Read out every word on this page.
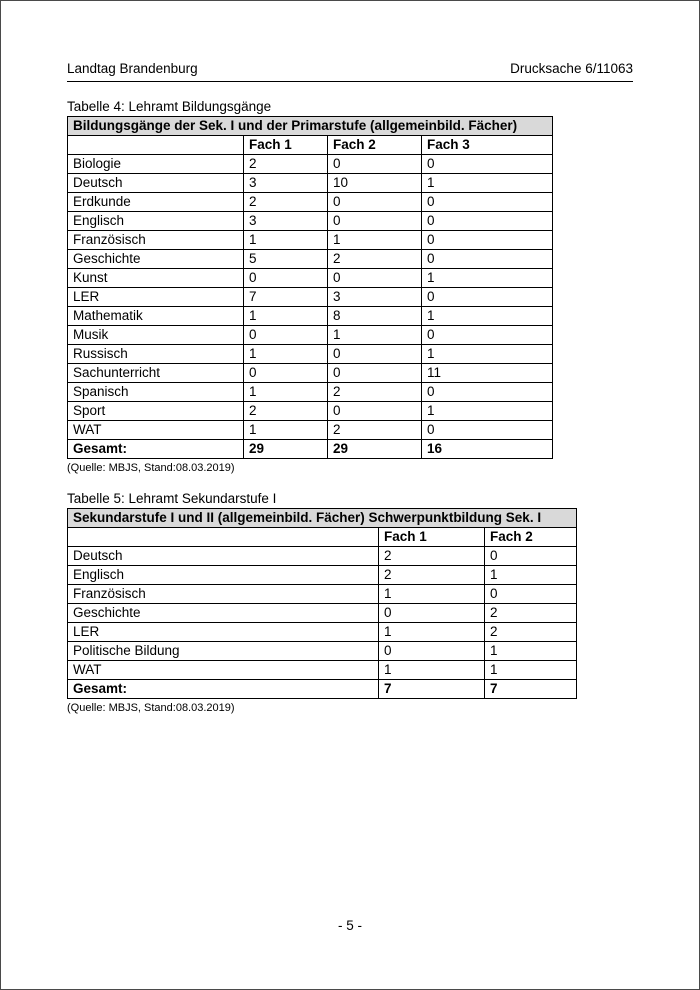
Landtag Brandenburg	Drucksache 6/11063

Tabelle 4: Lehramt Bildungsgänge

Bildungsgänge der Sek. I und der Primarstufe (allgemeinbild. Fächer)			
	Fach 1	Fach 2	Fach 3
Biologie	2	0	0
Deutsch	3	10	1
Erdkunde	2	0	0
Englisch	3	0	0
Französisch	1	1	0
Geschichte	5	2	0
Kunst	0	0	1
LER	7	3	0
Mathematik	1	8	1
Musik	0	1	0
Russisch	1	0	1
Sachunterricht	0	0	11
Spanisch	1	2	0
Sport	2	0	1
WAT	1	2	0
Gesamt:	29	29	16

(Quelle: MBJS, Stand:08.03.2019)

Tabelle 5: Lehramt Sekundarstufe I

Sekundarstufe I und II (allgemeinbild. Fächer) Schwerpunktbildung Sek. I		
	Fach 1	Fach 2
Deutsch	2	0
Englisch	2	1
Französisch	1	0
Geschichte	0	2
LER	1	2
Politische Bildung	0	1
WAT	1	1
Gesamt:	7	7

(Quelle: MBJS, Stand:08.03.2019)

- 5 -
